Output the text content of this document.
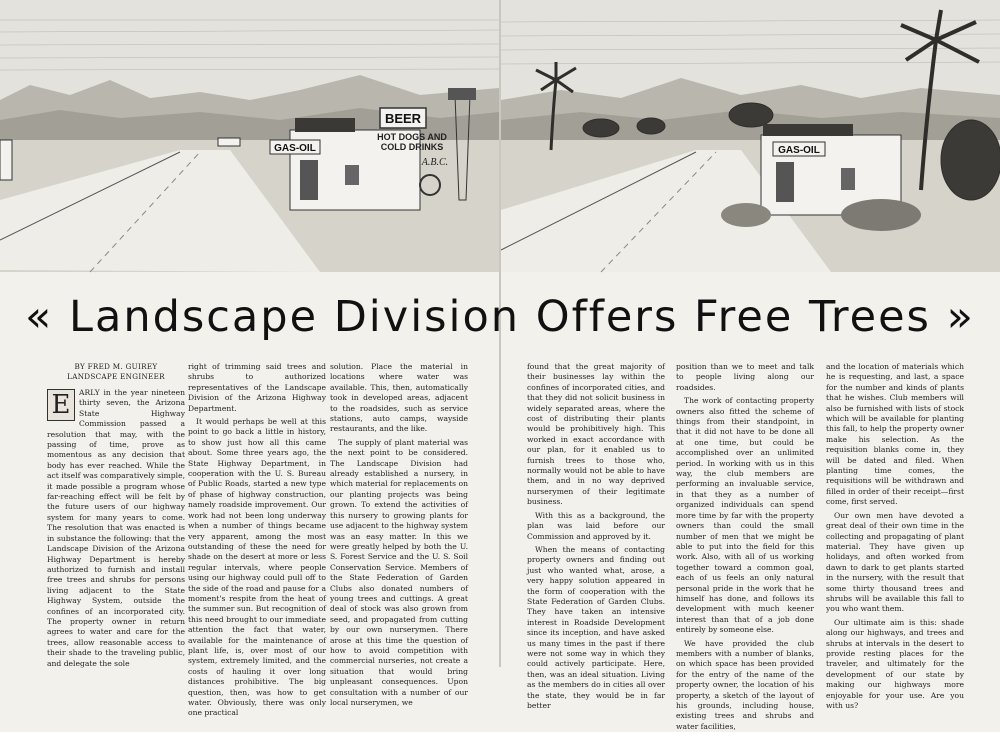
BEER
HOT DOGS AND
COLD DRINKS
A.B.C.
GAS-OIL	GAS-OIL
« Landscape Division Offers Free Trees »
BY FRED M. GUIREY
LANDSCAPE ENGINEER
E	ARLY in the year nineteen thirty seven, the Arizona State Highway Commission passed a resolution that may, with the passing of time, prove as momentous as any decision that body has ever reached. While the act itself was comparatively simple, it made possible a program whose far-reaching effect will be felt by the future users of our highway system for many years to come. The resolution that was enacted is in substance the following: that the Landscape Division of the Arizona Highway Department is hereby authorized to furnish and install free trees and shrubs for persons living adjacent to the State Highway System, outside the confines of an incorporated city. The property owner in return agrees to water and care for the trees, allow reasonable access to their shade to the traveling public, and delegate the sole

right of trimming said trees and shrubs to authorized representatives of the Landscape Division of the Arizona Highway Department.

It would perhaps be well at this point to go back a little in history, to show just how all this came about. Some three years ago, the State Highway Department, in cooperation with the U. S. Bureau of Public Roads, started a new type of phase of highway construction, namely roadside improvement. Our work had not been long underway when a number of things became very apparent, among the most outstanding of these the need for shade on the desert at more or less regular intervals, where people using our highway could pull off to the side of the road and pause for a moment's respite from the heat of the summer sun. But recognition of this need brought to our immediate attention the fact that water, available for the maintenance of plant life, is, over most of our system, extremely limited, and the costs of hauling it over long distances prohibitive. The big question, then, was how to get water. Obviously, there was only one practical

solution. Place the material in locations where water was available. This, then, automatically took in developed areas, adjacent to the roadsides, such as service stations, auto camps, wayside restaurants, and the like.

The supply of plant material was the next point to be considered. The Landscape Division had already established a nursery, in which material for replacements on our planting projects was being grown. To extend the activities of this nursery to growing plants for use adjacent to the highway system was an easy matter. In this we were greatly helped by both the U. S. Forest Service and the U. S. Soil Conservation Service. Members of the State Federation of Garden Clubs also donated numbers of young trees and cuttings. A great deal of stock was also grown from seed, and propagated from cutting by our own nurserymen. There arose at this time the question of how to avoid competition with commercial nurseries, not create a situation that would bring unpleasant consequences. Upon consultation with a number of our local nurserymen, we

found that the great majority of their businesses lay within the confines of incorporated cities, and that they did not solicit business in widely separated areas, where the cost of distributing their plants would be prohibitively high. This worked in exact accordance with our plan, for it enabled us to furnish trees to those who, normally would not be able to have them, and in no way deprived nurserymen of their legitimate business.

With this as a background, the plan was laid before our Commission and approved by it.

When the means of contacting property owners and finding out just who wanted what, arose, a very happy solution appeared in the form of cooperation with the State Federation of Garden Clubs. They have taken an intensive interest in Roadside Development since its inception, and have asked us many times in the past if there were not some way in which they could actively participate. Here, then, was an ideal situation. Living as the members do in cities all over the state, they would be in far better

position than we to meet and talk to people living along our roadsides.

The work of contacting property owners also fitted the scheme of things from their standpoint, in that it did not have to be done all at one time, but could be accomplished over an unlimited period. In working with us in this way, the club members are performing an invaluable service, in that they as a number of organized individuals can spend more time by far with the property owners than could the small number of men that we might be able to put into the field for this work. Also, with all of us working together toward a common goal, each of us feels an only natural personal pride in the work that he himself has done, and follows its development with much keener interest than that of a job done entirely by someone else.

We have provided the club members with a number of blanks, on which space has been provided for the entry of the name of the property owner, the location of his property, a sketch of the layout of his grounds, including house, existing trees and shrubs and water facilities,

and the location of materials which he is requesting, and last, a space for the number and kinds of plants that he wishes. Club members will also be furnished with lists of stock which will be available for planting this fall, to help the property owner make his selection. As the requisition blanks come in, they will be dated and filed. When planting time comes, the requisitions will be withdrawn and filled in order of their receipt—first come, first served.

Our own men have devoted a great deal of their own time in the collecting and propagating of plant material. They have given up holidays, and often worked from dawn to dark to get plants started in the nursery, with the result that some thirty thousand trees and shrubs will be available this fall to you who want them.

Our ultimate aim is this: shade along our highways, and trees and shrubs at intervals in the desert to provide resting places for the traveler, and ultimately for the development of our state by making our highways more enjoyable for your use. Are you with us?
